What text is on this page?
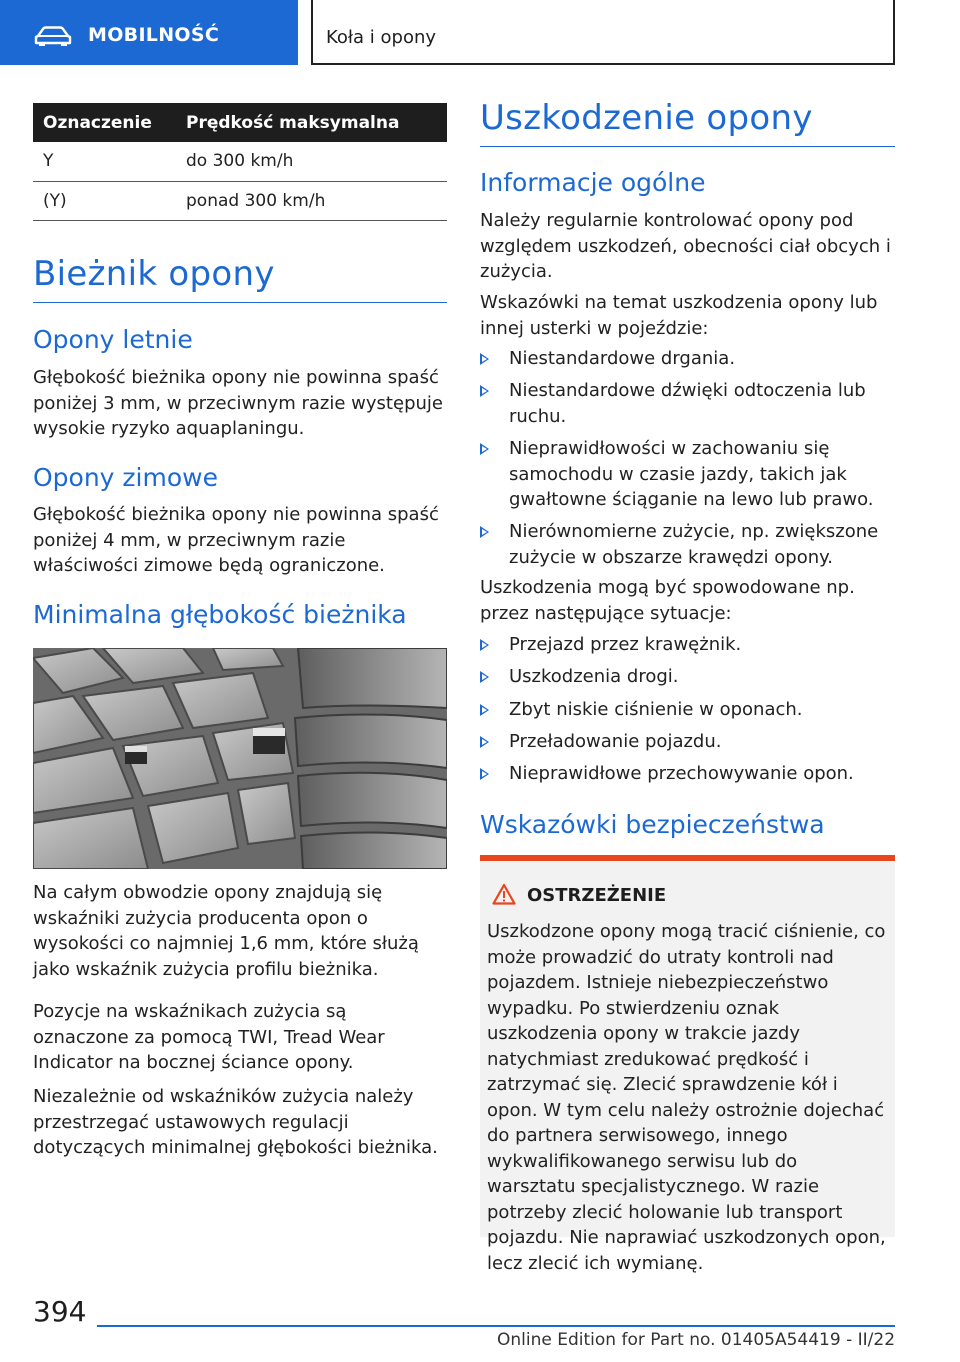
MOBILNOŚĆ	Koła i opony
Oznaczenie	Prędkość maksymalna
Y	do 300 km/h
(Y)	ponad 300 km/h
Bieżnik opony
Opony letnie

Głębokość bieżnika opony nie powinna spaść poniżej 3 mm, w przeciwnym razie występuje wysokie ryzyko aquaplaningu.

Opony zimowe

Głębokość bieżnika opony nie powinna spaść poniżej 4 mm, w przeciwnym razie właściwości zimowe będą ograniczone.

Minimalna głębokość bieżnika

Na całym obwodzie opony znajdują się wskaźniki zużycia producenta opon o wysokości co najmniej 1,6 mm, które służą jako wskaźnik zużycia profilu bieżnika.

Pozycje na wskaźnikach zużycia są oznaczone za pomocą TWI, Tread Wear Indicator na bocznej ściance opony.

Niezależnie od wskaźników zużycia należy przestrzegać ustawowych regulacji dotyczących minimalnej głębokości bieżnika.

Uszkodzenie opony
Informacje ogólne

Należy regularnie kontrolować opony pod względem uszkodzeń, obecności ciał obcych i zużycia.

Wskazówki na temat uszkodzenia opony lub innej usterki w pojeździe:

Niestandardowe drgania.
Niestandardowe dźwięki odtoczenia lub ruchu.
Nieprawidłowości w zachowaniu się samochodu w czasie jazdy, takich jak gwałtowne ściąganie na lewo lub prawo.
Nierównomierne zużycie, np. zwiększone zużycie w obszarze krawędzi opony.

Uszkodzenia mogą być spowodowane np. przez następujące sytuacje:

Przejazd przez krawężnik.
Uszkodzenia drogi.
Zbyt niskie ciśnienie w oponach.
Przeładowanie pojazdu.
Nieprawidłowe przechowywanie opon.
Wskazówki bezpieczeństwa
OSTRZEŻENIE

Uszkodzone opony mogą tracić ciśnienie, co może prowadzić do utraty kontroli nad pojazdem. Istnieje niebezpieczeństwo wypadku. Po stwierdzeniu oznak uszkodzenia opony w trakcie jazdy natychmiast zredukować prędkość i zatrzymać się. Zlecić sprawdzenie kół i opon. W tym celu należy ostrożnie dojechać do partnera serwisowego, innego wykwalifikowanego serwisu lub do warsztatu specjalistycznego. W razie potrzeby zlecić holowanie lub transport pojazdu. Nie naprawiać uszkodzonych opon, lecz zlecić ich wymianę.

394
Online Edition for Part no. 01405A54419 - II/22
